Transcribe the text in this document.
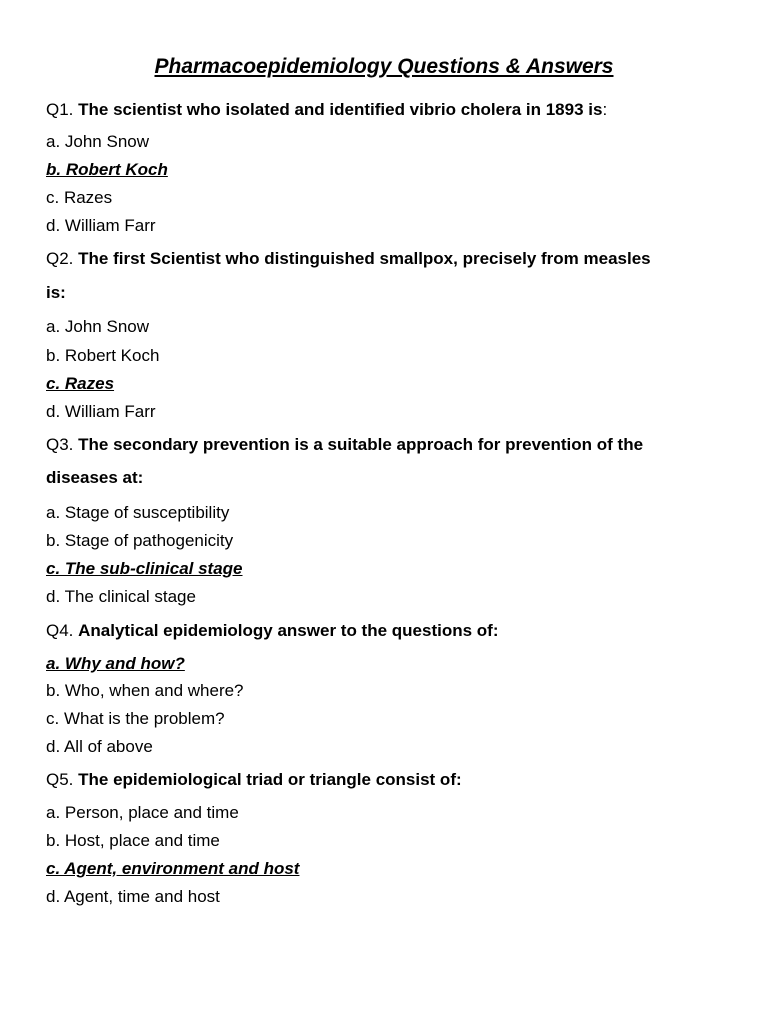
Pharmacoepidemiology Questions & Answers
Q1. The scientist who isolated and identified vibrio cholera in 1893 is:
a. John Snow
b. Robert Koch
c. Razes
d. William Farr
Q2. The first Scientist who distinguished smallpox, precisely from measles
is:
a. John Snow
b. Robert Koch
c. Razes
d. William Farr
Q3. The secondary prevention is a suitable approach for prevention of the
diseases at:
a. Stage of susceptibility
b. Stage of pathogenicity
c. The sub-clinical stage
d. The clinical stage
Q4. Analytical epidemiology answer to the questions of:
a. Why and how?
b. Who, when and where?
c. What is the problem?
d. All of above
Q5. The epidemiological triad or triangle consist of:
a. Person, place and time
b. Host, place and time
c. Agent, environment and host
d. Agent, time and host
